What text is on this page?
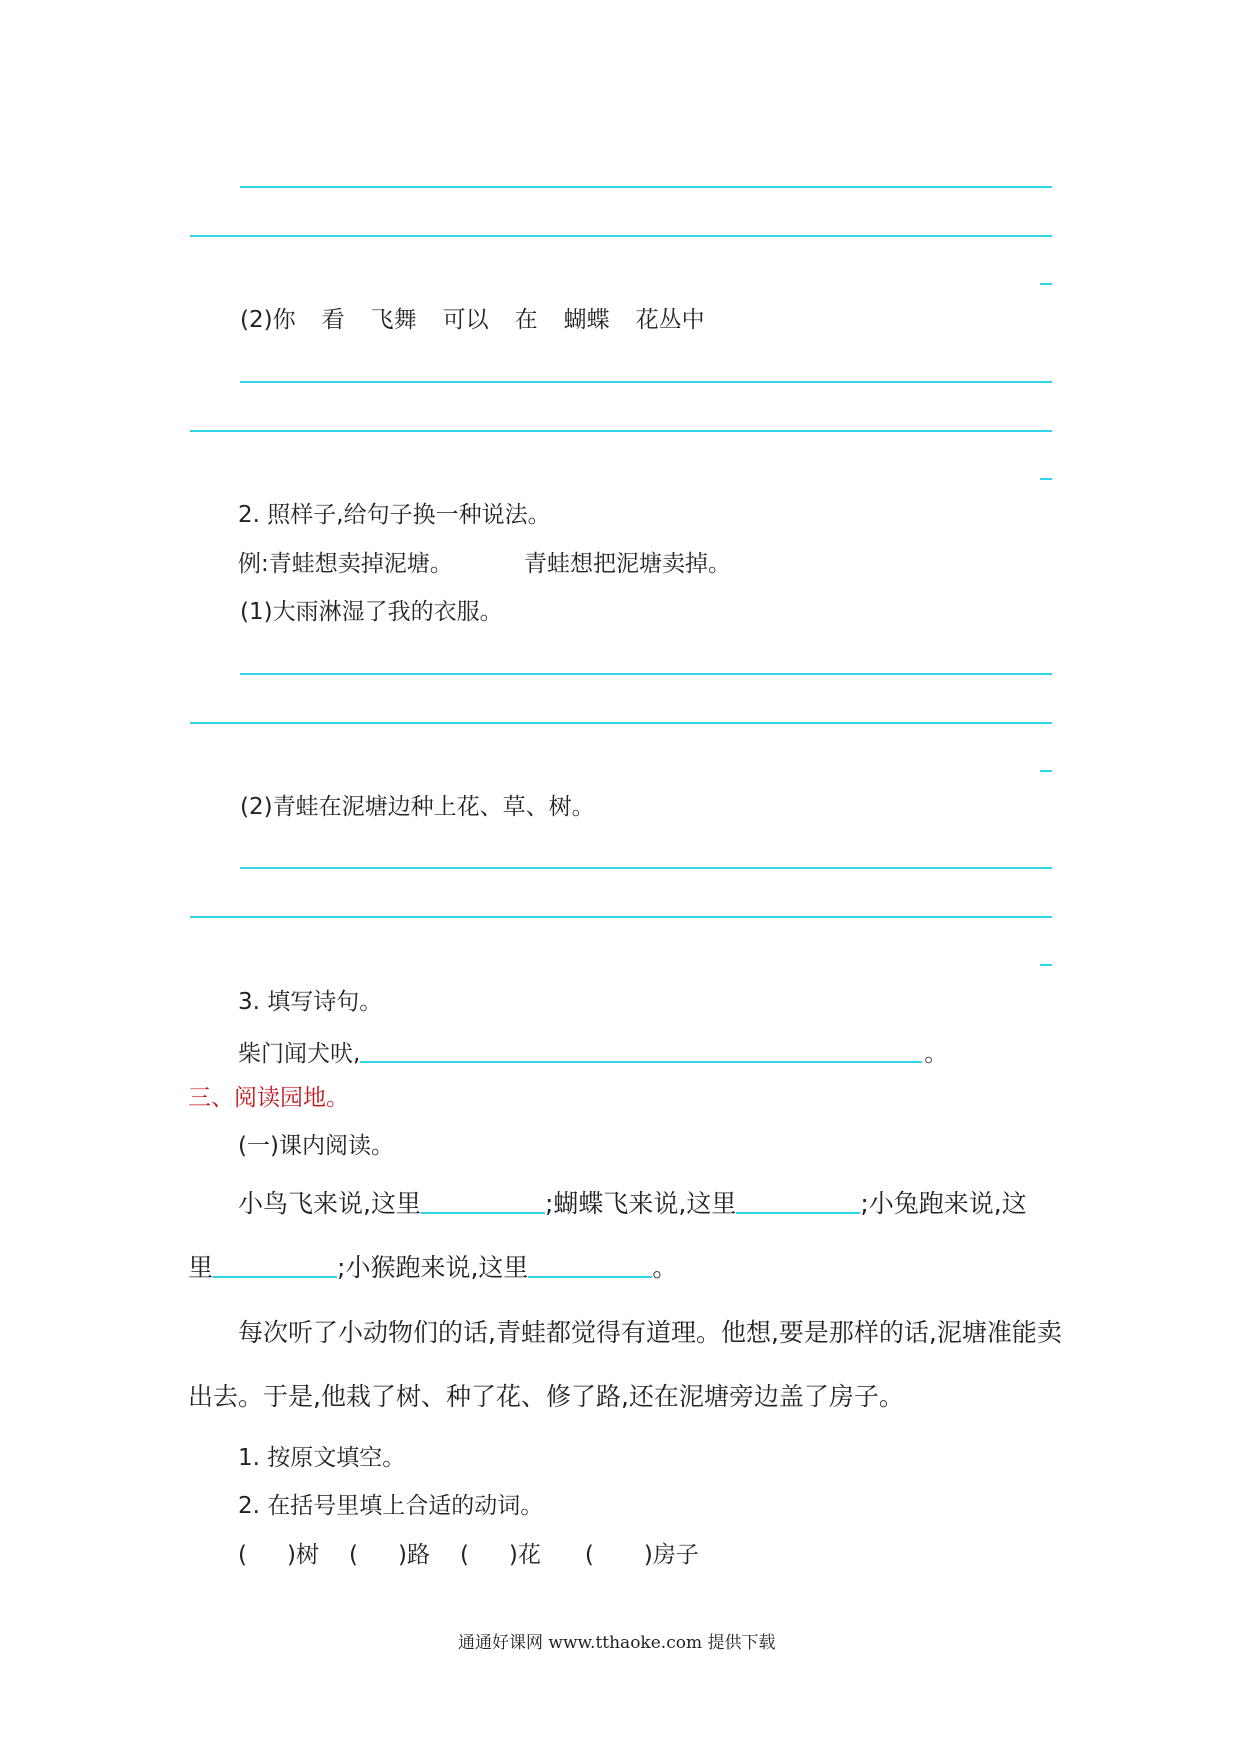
(2)你 看 飞舞 可以 在 蝴蝶 花丛中
2. 照样子,给句子换一种说法。
例:青蛙想卖掉泥塘。	青蛙想把泥塘卖掉。
(1)大雨淋湿了我的衣服。
(2)青蛙在泥塘边种上花、草、树。
3. 填写诗句。
柴门闻犬吠,	。
三、阅读园地。
(一)课内阅读。
小鸟飞来说,这里	;蝴蝶飞来说,这里	;小兔跑来说,这
里	;小猴跑来说,这里	。
每次听了小动物们的话,青蛙都觉得有道理。他想,要是那样的话,泥塘准能卖
出去。于是,他栽了树、种了花、修了路,还在泥塘旁边盖了房子。
1. 按原文填空。
2. 在括号里填上合适的动词。
( )树 ( )路 ( )花 ( )房子
通通好课网 www.tthaoke.com 提供下载
